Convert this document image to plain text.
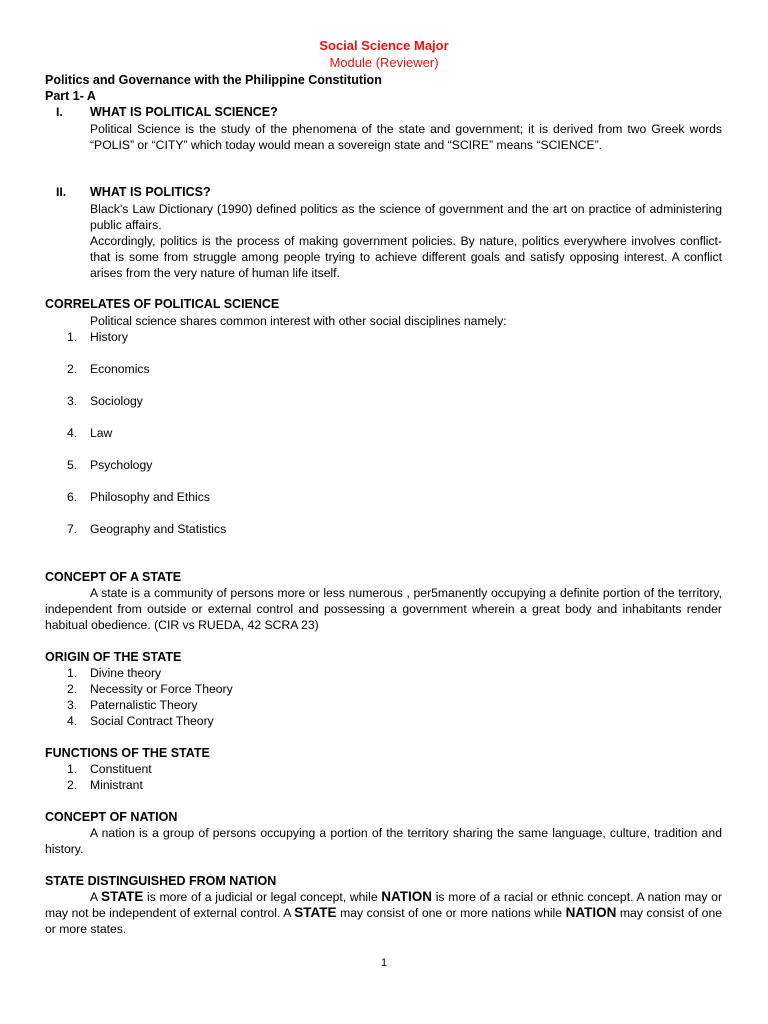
Social Science Major
Module (Reviewer)
Politics and Governance with the Philippine Constitution
Part 1- A
I. WHAT IS POLITICAL SCIENCE?
Political Science is the study of the phenomena of the state and government; it is derived from two Greek words “POLIS” or “CITY” which today would mean a sovereign state and “SCIRE” means “SCIENCE”.
II. WHAT IS POLITICS?
Black’s Law Dictionary (1990) defined politics as the science of government and the art on practice of administering public affairs.
Accordingly, politics is the process of making government policies. By nature, politics everywhere involves conflict- that is some from struggle among people trying to achieve different goals and satisfy opposing interest. A conflict arises from the very nature of human life itself.
CORRELATES OF POLITICAL SCIENCE
Political science shares common interest with other social disciplines namely:
1. History
2. Economics
3. Sociology
4. Law
5. Psychology
6. Philosophy and Ethics
7. Geography and Statistics
CONCEPT OF A STATE
A state is a community of persons more or less numerous , per5manently occupying a definite portion of the territory, independent from outside or external control and possessing a government wherein a great body and inhabitants render habitual obedience. (CIR vs RUEDA, 42 SCRA 23)
ORIGIN OF THE STATE
1. Divine theory
2. Necessity or Force Theory
3. Paternalistic Theory
4. Social Contract Theory
FUNCTIONS OF THE STATE
1. Constituent
2. Ministrant
CONCEPT OF NATION
A nation is a group of persons occupying a portion of the territory sharing the same language, culture, tradition and history.
STATE DISTINGUISHED FROM NATION
A STATE is more of a judicial or legal concept, while NATION is more of a racial or ethnic concept. A nation may or may not be independent of external control. A STATE may consist of one or more nations while NATION may consist of one or more states.
1
